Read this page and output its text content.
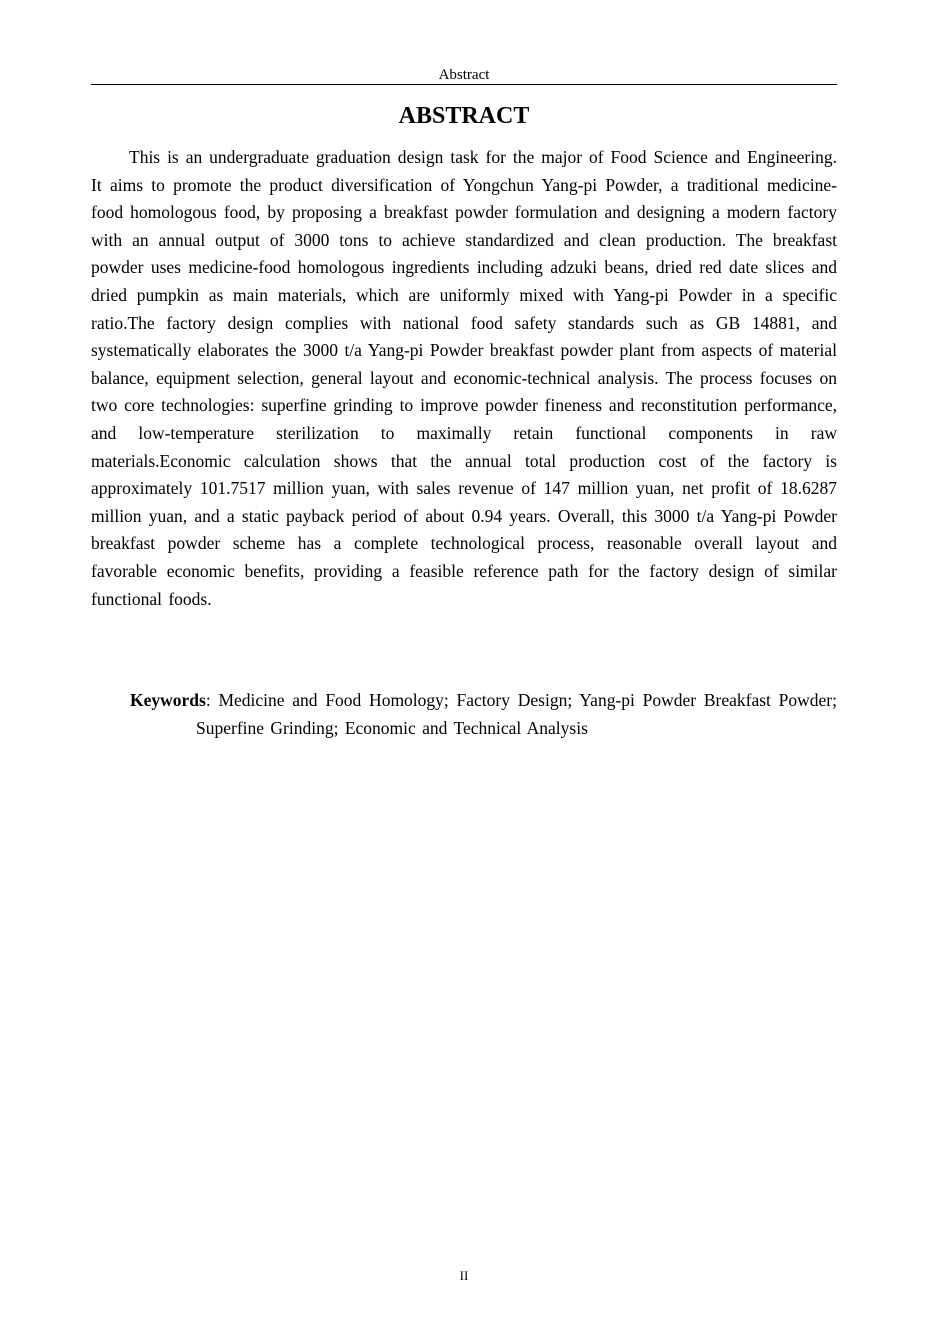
Abstract
ABSTRACT

This is an undergraduate graduation design task for the major of Food Science and Engineering. It aims to promote the product diversification of Yongchun Yang-pi Powder, a traditional medicine-food homologous food, by proposing a breakfast powder formulation and designing a modern factory with an annual output of 3000 tons to achieve standardized and clean production. The breakfast powder uses medicine-food homologous ingredients including adzuki beans, dried red date slices and dried pumpkin as main materials, which are uniformly mixed with Yang-pi Powder in a specific ratio.The factory design complies with national food safety standards such as GB 14881, and systematically elaborates the 3000 t/a Yang-pi Powder breakfast powder plant from aspects of material balance, equipment selection, general layout and economic-technical analysis. The process focuses on two core technologies: superfine grinding to improve powder fineness and reconstitution performance, and low-temperature sterilization to maximally retain functional components in raw materials.Economic calculation shows that the annual total production cost of the factory is approximately 101.7517 million yuan, with sales revenue of 147 million yuan, net profit of 18.6287 million yuan, and a static payback period of about 0.94 years. Overall, this 3000 t/a Yang-pi Powder breakfast powder scheme has a complete technological process, reasonable overall layout and favorable economic benefits, providing a feasible reference path for the factory design of similar functional foods.

Keywords: Medicine and Food Homology; Factory Design; Yang-pi Powder Breakfast Powder; Superfine Grinding; Economic and Technical Analysis

II
